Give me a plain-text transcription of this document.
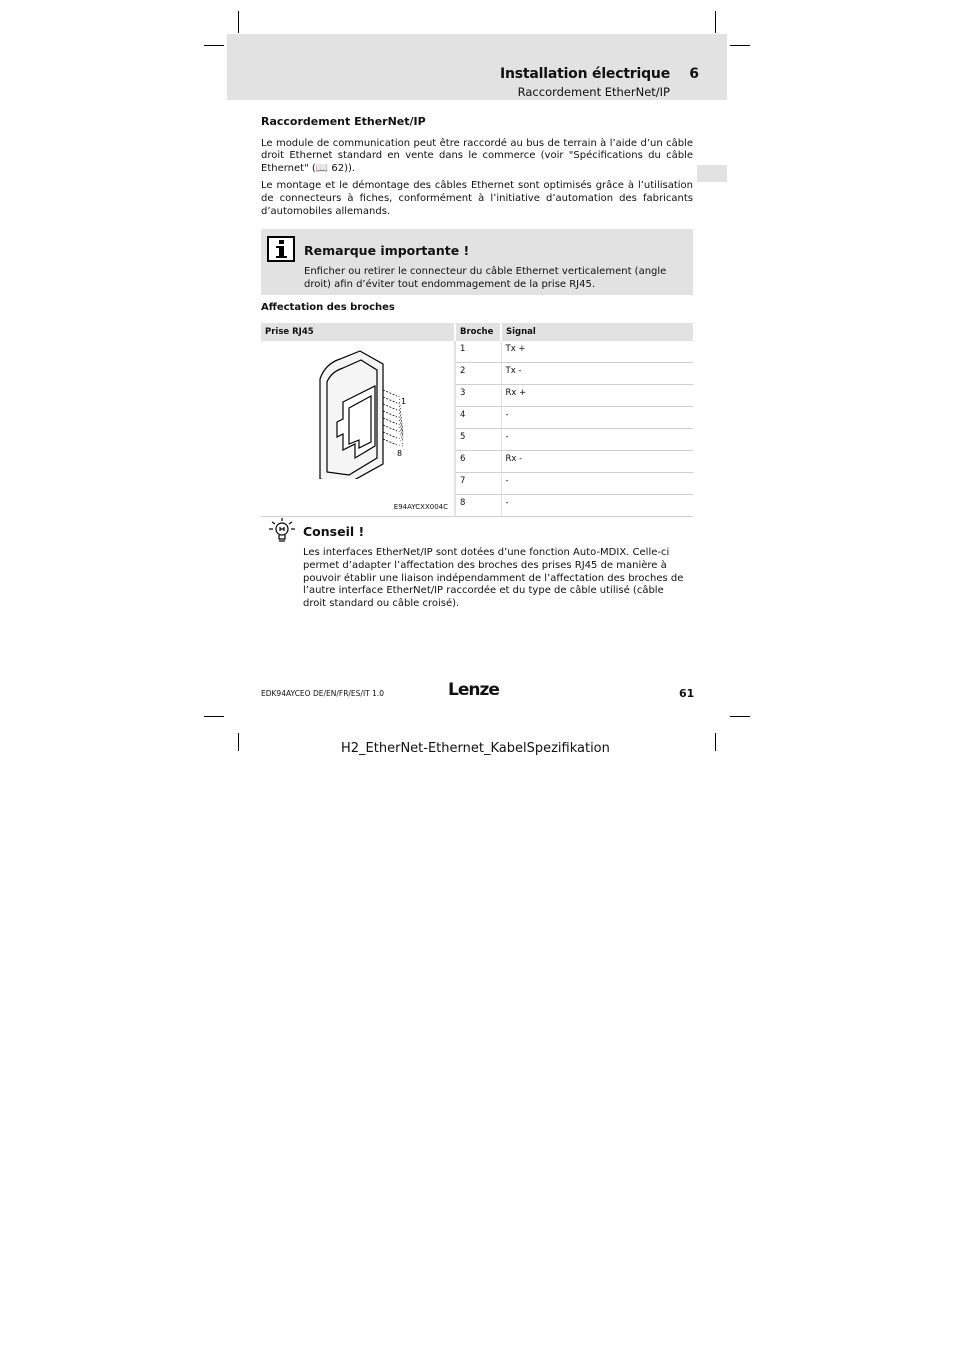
Installation électrique 6
Raccordement EtherNet/IP
Raccordement EtherNet/IP
Le module de communication peut être raccordé au bus de terrain à l’aide d’un câble droit Ethernet standard en vente dans le commerce (voir "Spécifications du câble Ethernet" (📖 62)).
Le montage et le démontage des câbles Ethernet sont optimisés grâce à l’utilisation de connecteurs à fiches, conformément à l’initiative d’automation des fabricants d’automobiles allemands.
Remarque importante !
Enficher ou retirer le connecteur du câble Ethernet verticalement (angle droit) afin d’éviter tout endommagement de la prise RJ45.
Affectation des broches
Prise RJ45	Broche	Signal

1
8
E94AYCXX004C	1	Tx +
	2	Tx -
	3	Rx +
	4	-
	5	-
	6	Rx -
	7	-
	8	-
Conseil !
Les interfaces EtherNet/IP sont dotées d’une fonction Auto-MDIX. Celle-ci permet d’adapter l’affectation des broches des prises RJ45 de manière à pouvoir établir une liaison indépendamment de l’affectation des broches de l’autre interface EtherNet/IP raccordée et du type de câble utilisé (câble droit standard ou câble croisé).
EDK94AYCEO DE/EN/FR/ES/IT 1.0	Lenze	61
H2_EtherNet-Ethernet_KabelSpezifikation
